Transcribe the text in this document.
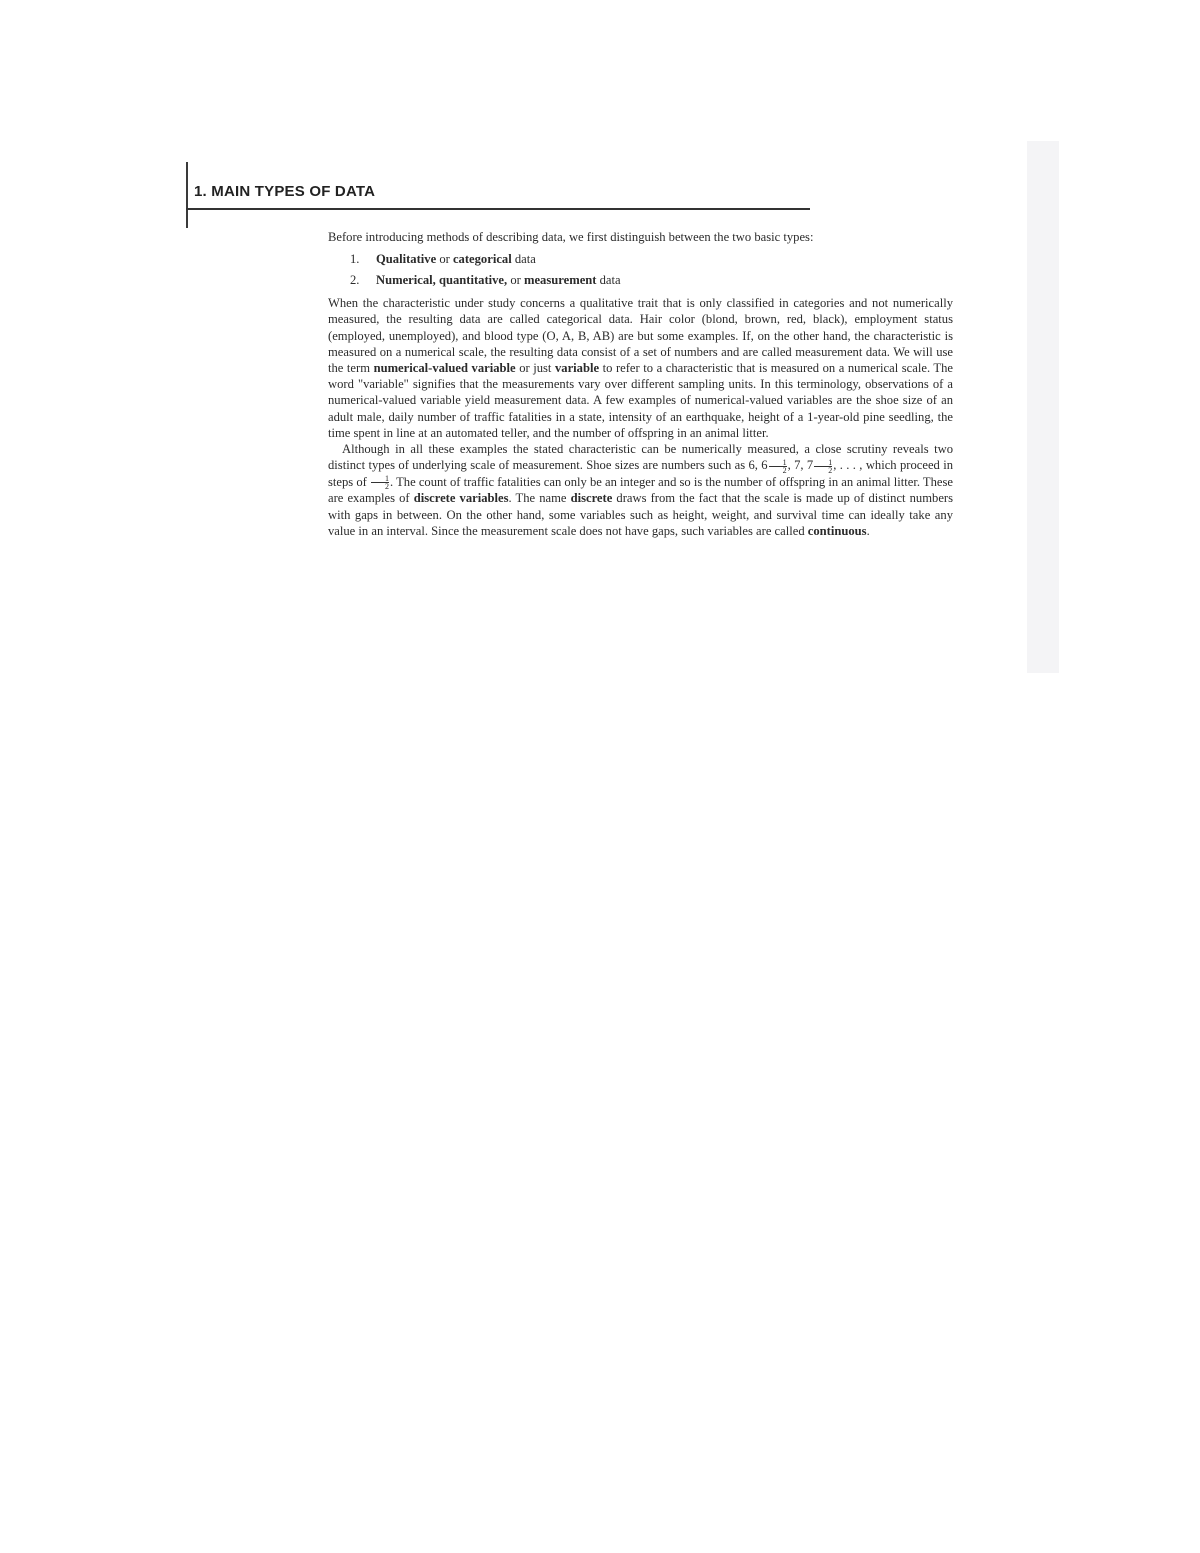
1. MAIN TYPES OF DATA

Before introducing methods of describing data, we first distinguish between the two basic types:

1.	Qualitative or categorical data
2.	Numerical, quantitative, or measurement data

When the characteristic under study concerns a qualitative trait that is only classified in categories and not numerically measured, the resulting data are called categorical data. Hair color (blond, brown, red, black), employment status (employed, unemployed), and blood type (O, A, B, AB) are but some examples. If, on the other hand, the characteristic is measured on a numerical scale, the resulting data consist of a set of numbers and are called measurement data. We will use the term numerical-valued variable or just variable to refer to a characteristic that is measured on a numerical scale. The word "variable" signifies that the measurements vary over different sampling units. In this terminology, observations of a numerical-valued variable yield measurement data. A few examples of numerical-valued variables are the shoe size of an adult male, daily number of traffic fatalities in a state, intensity of an earthquake, height of a 1-year-old pine seedling, the time spent in line at an automated teller, and the number of offspring in an animal litter.

Although in all these examples the stated characteristic can be numerically measured, a close scrutiny reveals two distinct types of underlying scale of measurement. Shoe sizes are numbers such as 6, $6 \frac{1}{2}$ , 7, $7 \frac{1}{2}$ , . . . , which proceed in steps of $\frac{1}{2}$ . The count of traffic fatalities can only be an integer and so is the number of offspring in an animal litter. These are examples of discrete variables. The name discrete draws from the fact that the scale is made up of distinct numbers with gaps in between. On the other hand, some variables such as height, weight, and survival time can ideally take any value in an interval. Since the measurement scale does not have gaps, such variables are called continuous.
